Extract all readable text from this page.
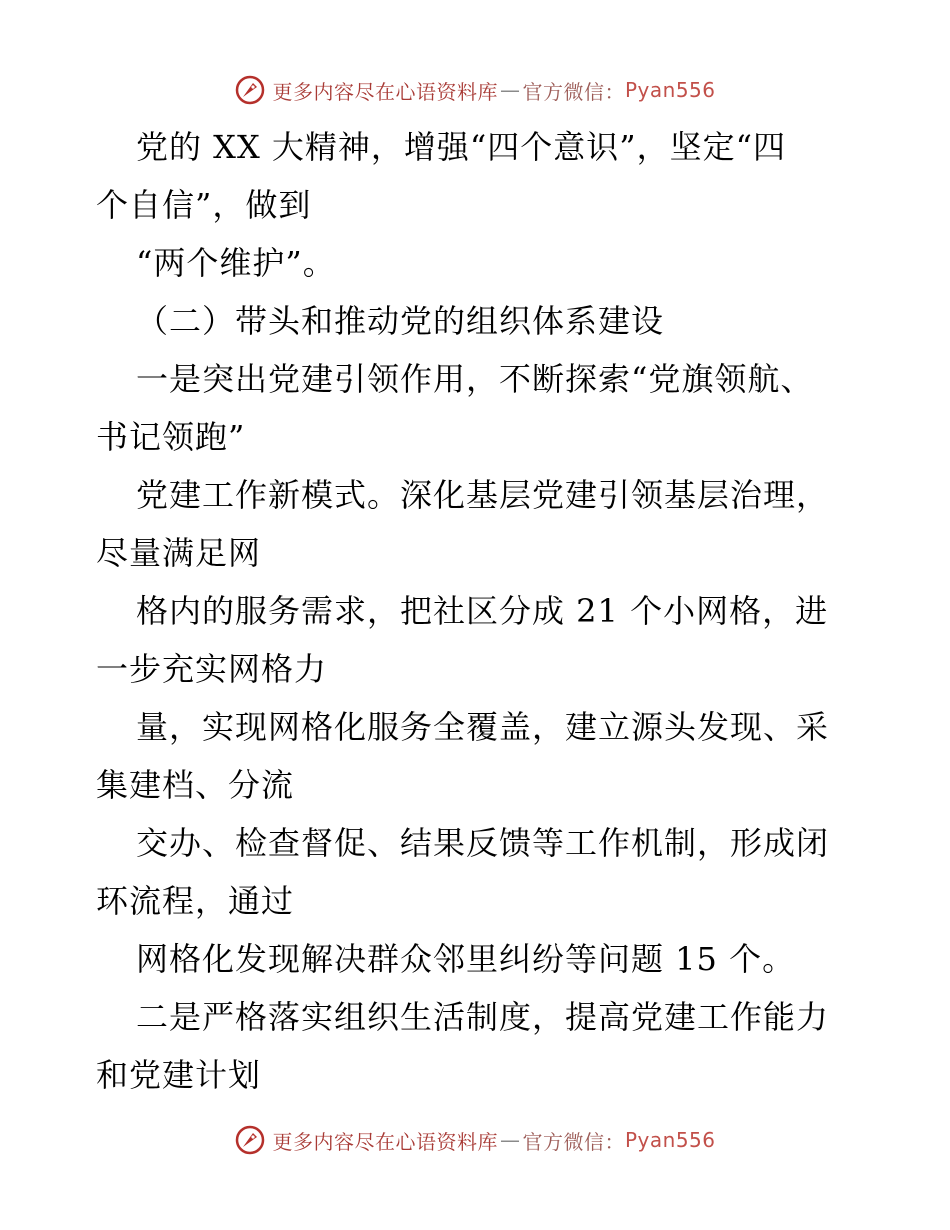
更多内容尽在心语资料库 — 官方微信： Pyan556
党的 XX 大精神，增强“四个意识”，坚定“四
个自信”，做到
“两个维护”。
（二）带头和推动党的组织体系建设
一是突出党建引领作用，不断探索“党旗领航、
书记领跑”
党建工作新模式。深化基层党建引领基层治理，
尽量满足网
格内的服务需求，把社区分成 21 个小网格，进
一步充实网格力
量，实现网格化服务全覆盖，建立源头发现、采
集建档、分流
交办、检查督促、结果反馈等工作机制，形成闭
环流程，通过
网格化发现解决群众邻里纠纷等问题 15 个。
二是严格落实组织生活制度，提高党建工作能力
和党建计划
更多内容尽在心语资料库 — 官方微信： Pyan556
